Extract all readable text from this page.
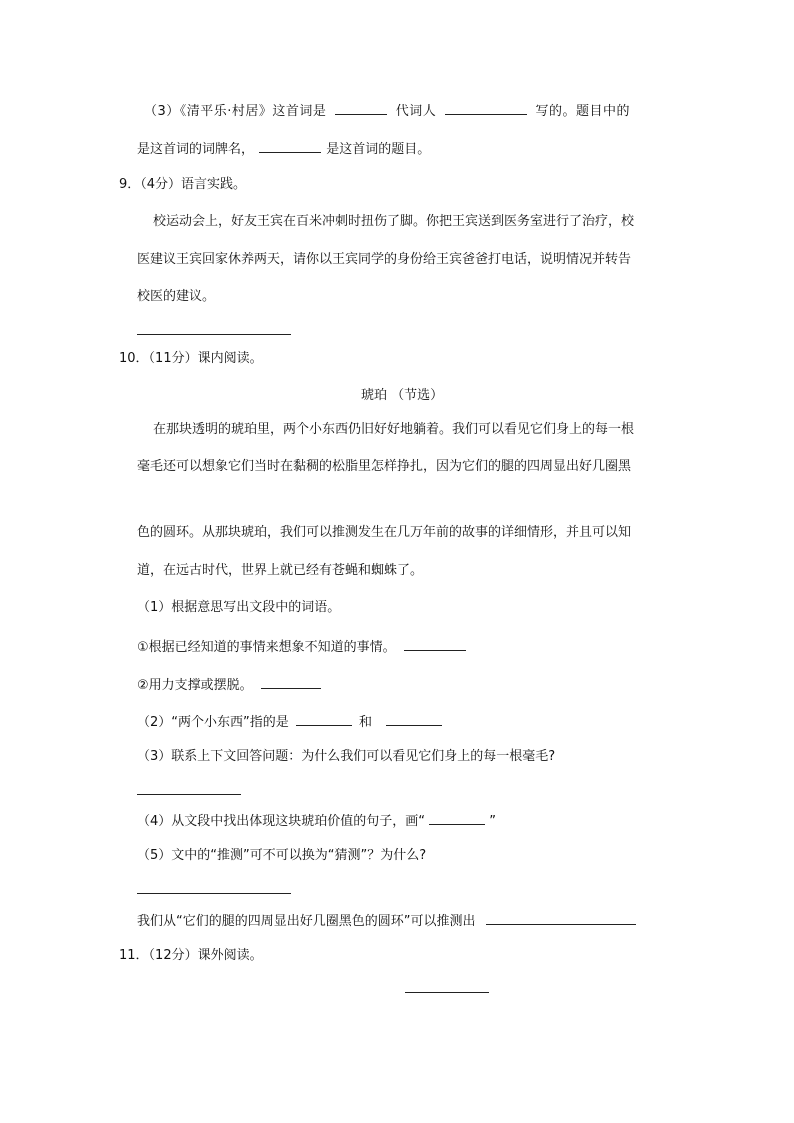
（3）《清平乐·村居》这首词是	代词人	写的。题目中的
是这首词的词牌名，	是这首词的题目。
9．（4分）语言实践。
校运动会上，好友王宾在百米冲刺时扭伤了脚。你把王宾送到医务室进行了治疗，校
医建议王宾回家休养两天，请你以王宾同学的身份给王宾爸爸打电话，说明情况并转告
校医的建议。
10．（11分）课内阅读。
琥珀 （节选）
在那块透明的琥珀里，两个小东西仍旧好好地躺着。我们可以看见它们身上的每一根
毫毛还可以想象它们当时在黏稠的松脂里怎样挣扎，因为它们的腿的四周显出好几圈黑
色的圆环。从那块琥珀，我们可以推测发生在几万年前的故事的详细情形，并且可以知
道，在远古时代，世界上就已经有苍蝇和蜘蛛了。
（1）根据意思写出文段中的词语。
①根据已经知道的事情来想象不知道的事情。
②用力支撑或摆脱。
（2）“两个小东西”指的是	和
（3）联系上下文回答问题：为什么我们可以看见它们身上的每一根毫毛?
（4）从文段中找出体现这块琥珀价值的句子，画“	”
（5）文中的“推测”可不可以换为“猜测”？为什么?
我们从“它们的腿的四周显出好几圈黑色的圆环”可以推测出
11．（12分）课外阅读。
